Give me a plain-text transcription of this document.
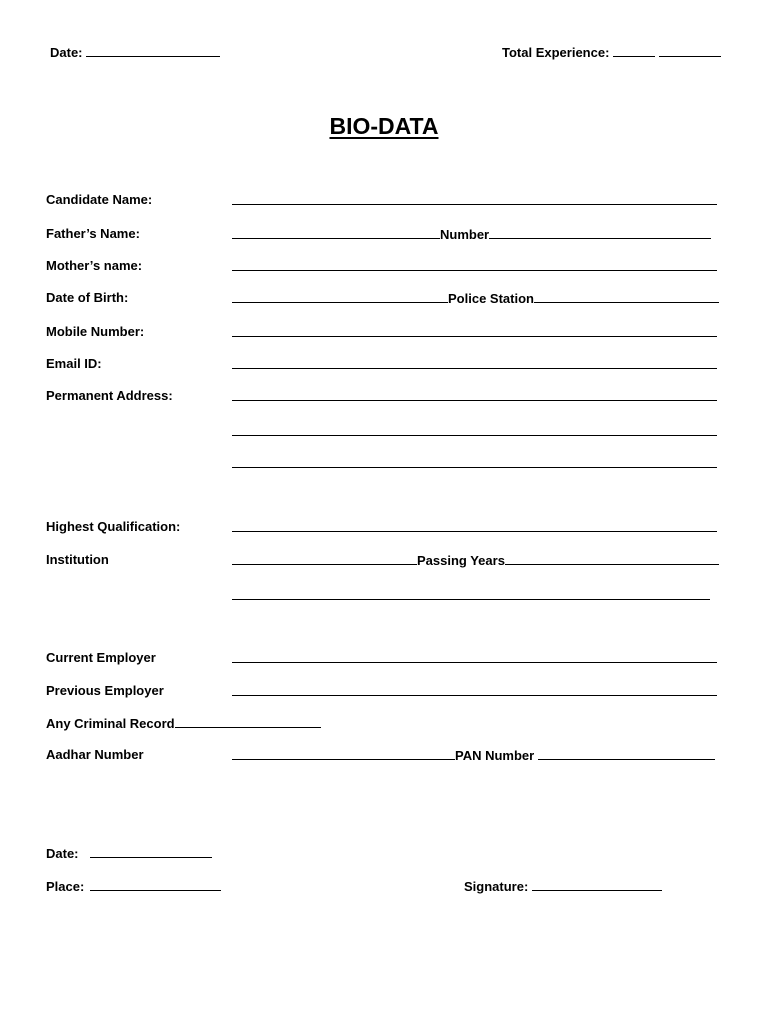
Date:	Total Experience:
BIO-DATA
Candidate Name:
Father’s Name:
Mother’s name:
Date of Birth:
Mobile Number:
Email ID:
Permanent Address:
Highest Qualification:
Institution
Current Employer
Previous Employer
Any Criminal Record
Aadhar Number
Number
Police Station
Passing Years
PAN Number
Date:
Place:	Signature:
